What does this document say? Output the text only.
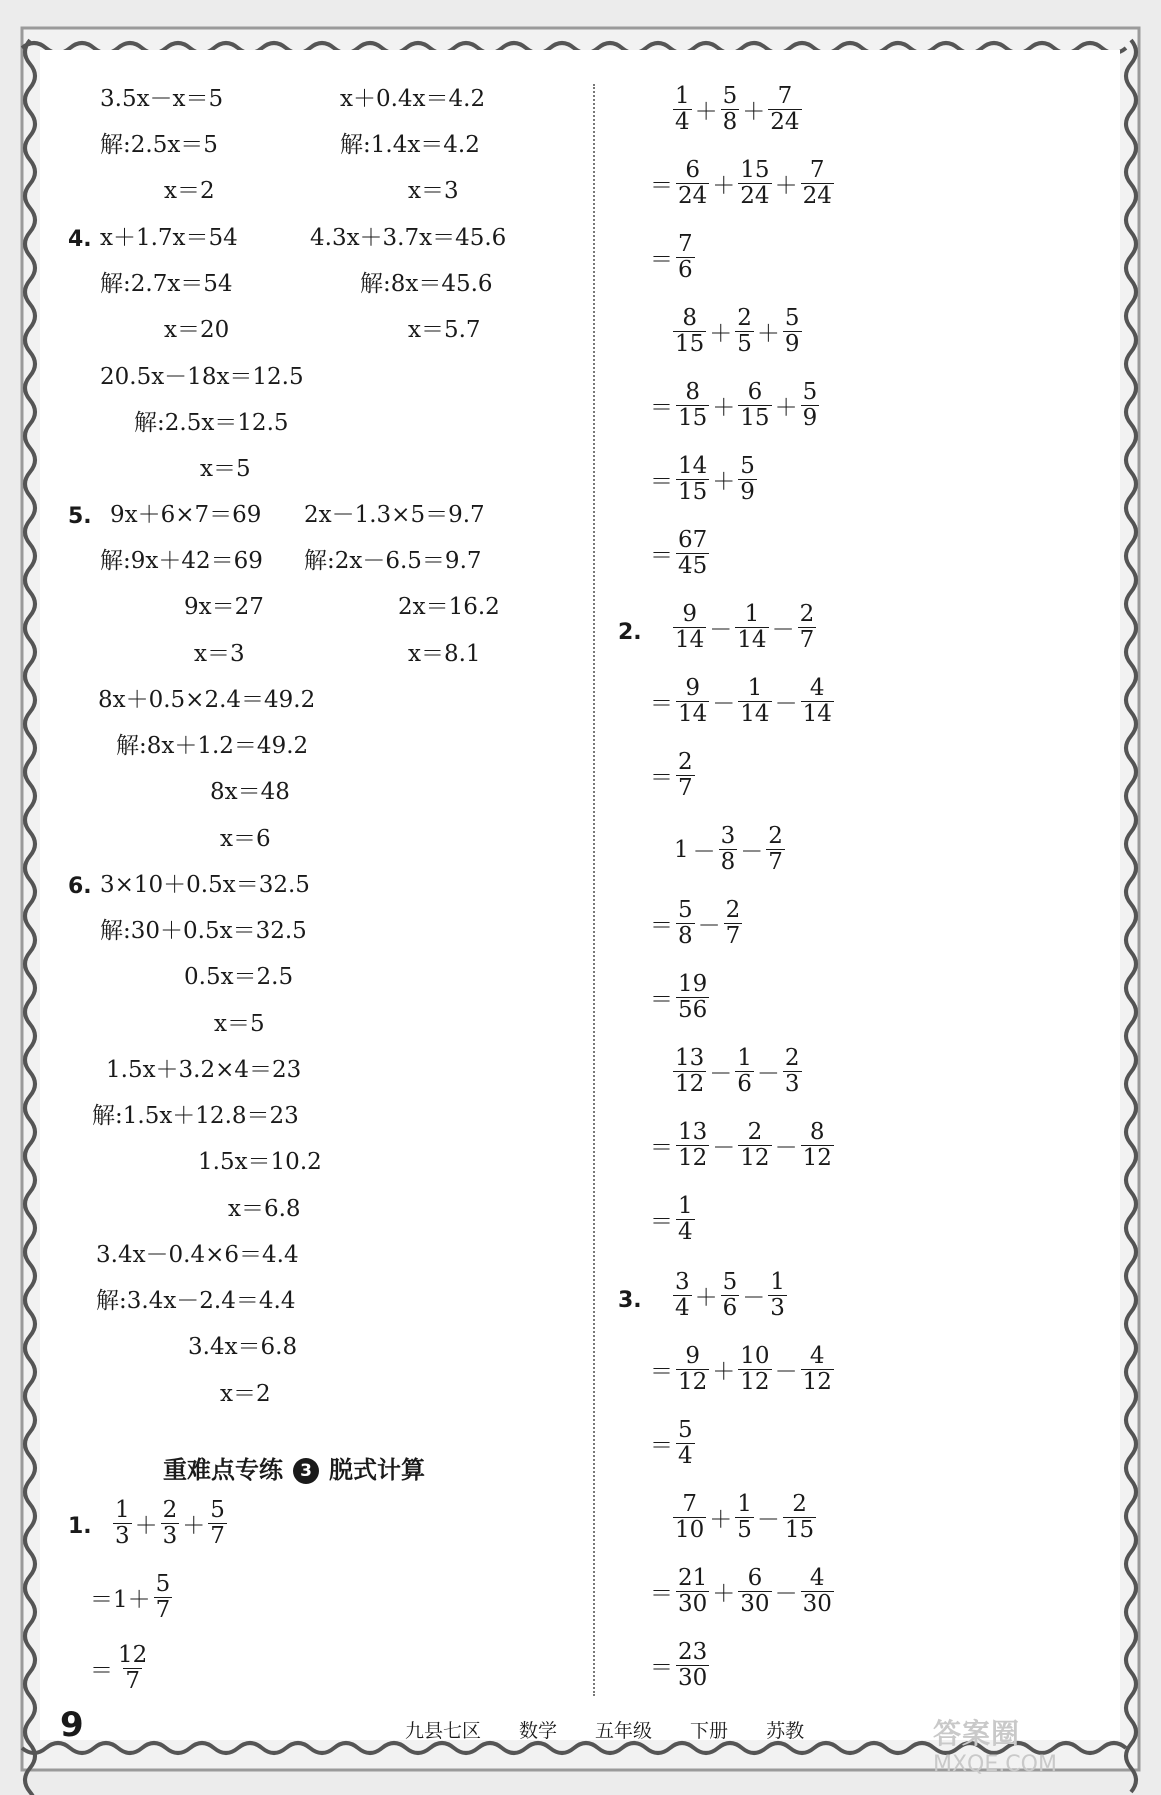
3.5x－x＝5	x＋0.4x＝4.2
解:2.5x＝5	解:1.4x＝4.2
x＝2	x＝3
4. x＋1.7x＝54	4.3x＋3.7x＝45.6
解:2.7x＝54	解:8x＝45.6
x＝20	x＝5.7
20.5x－18x＝12.5
解:2.5x＝12.5
x＝5
5. 9x＋6×7＝69 2x－1.3×5＝9.7
解:9x＋42＝69 解:2x－6.5＝9.7
9x＝27	2x＝16.2
x＝3	x＝8.1
8x＋0.5×2.4＝49.2
解:8x＋1.2＝49.2
8x＝48
x＝6
6. 3×10＋0.5x＝32.5
解:30＋0.5x＝32.5
0.5x＝2.5
x＝5
1.5x＋3.2×4＝23
解:1.5x＋12.8＝23
1.5x＝10.2
x＝6.8
3.4x－0.4×6＝4.4
解:3.4x－2.4＝4.4
3.4x＝6.8
x＝2
重难点专练 3 脱式计算
1. $\frac{1}{3} + \frac{2}{3} + \frac{5}{7}$
$=1+ \frac{5}{7}$
＝ $\frac{12}{7}$
$\frac{1}{4} + \frac{5}{8} + \frac{7}{24}$
＝ $\frac{6}{24} + \frac{15}{24} + \frac{7}{24}$
＝ $\frac{7}{6}$
$\frac{8}{15} + \frac{2}{5} + \frac{5}{9}$
＝ $\frac{8}{15} + \frac{6}{15} + \frac{5}{9}$
＝ $\frac{14}{15} + \frac{5}{9}$
＝ $\frac{67}{45}$
2. $\frac{9}{14} - \frac{1}{14} - \frac{2}{7}$
＝ $\frac{9}{14} - \frac{1}{14} - \frac{4}{14}$
＝ $\frac{2}{7}$
$1 - \frac{3}{8} - \frac{2}{7}$
＝ $\frac{5}{8} - \frac{2}{7}$
＝ $\frac{19}{56}$
$\frac{13}{12} - \frac{1}{6} - \frac{2}{3}$
＝ $\frac{13}{12} - \frac{2}{12} - \frac{8}{12}$
＝ $\frac{1}{4}$
3. $\frac{3}{4} + \frac{5}{6} - \frac{1}{3}$
＝ $\frac{9}{12} + \frac{10}{12} - \frac{4}{12}$
＝ $\frac{5}{4}$
$\frac{7}{10} + \frac{1}{5} - \frac{2}{15}$
＝ $\frac{21}{30} + \frac{6}{30} - \frac{4}{30}$
＝ $\frac{23}{30}$
9	九县七区 数学 五年级 下册 苏教	答案圈
MXQE.COM
